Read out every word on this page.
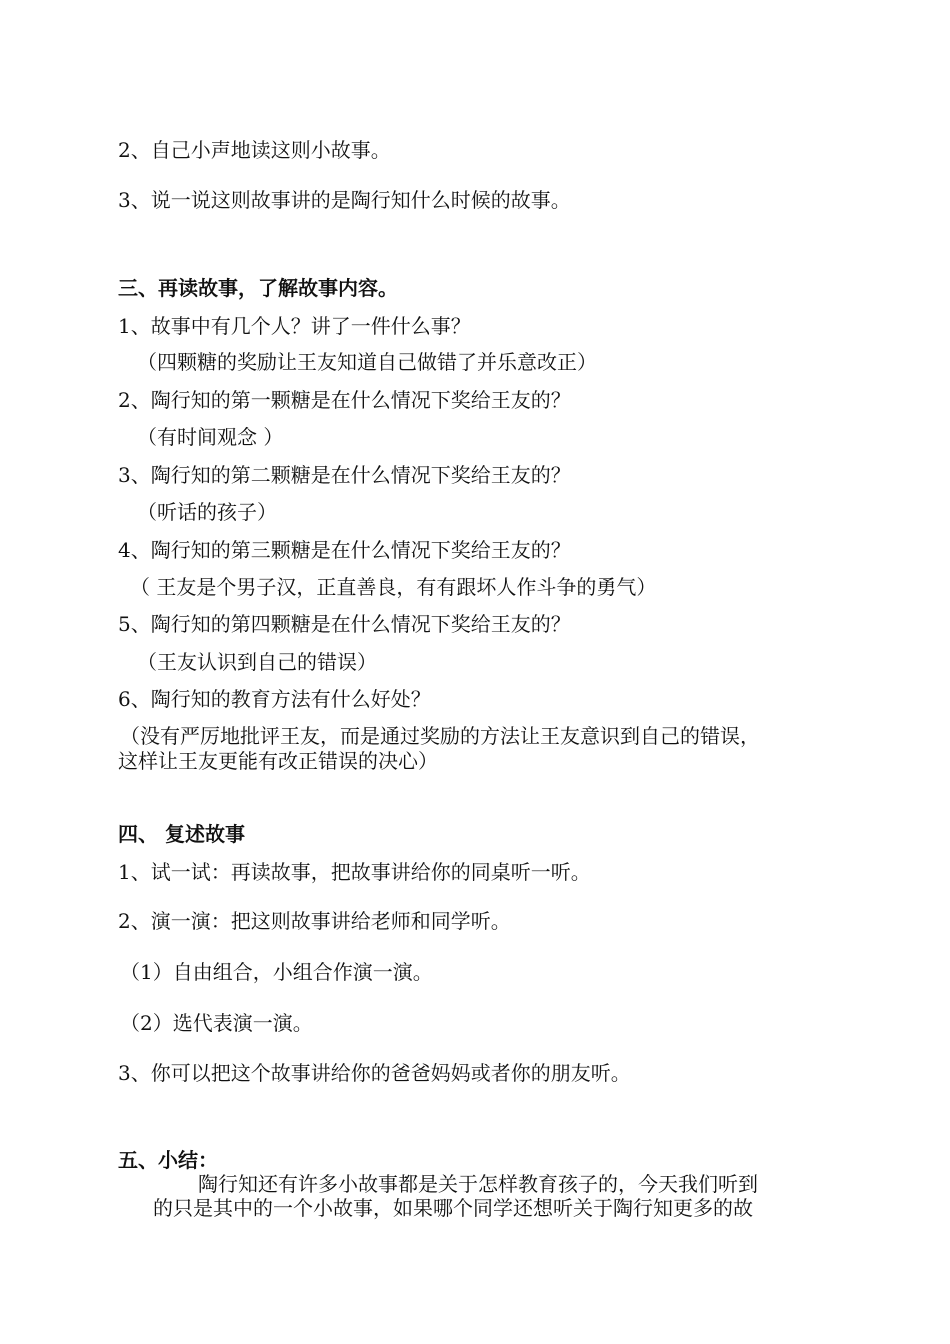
2、自己小声地读这则小故事。
3、说一说这则故事讲的是陶行知什么时候的故事。
三、再读故事，了解故事内容。
1、故事中有几个人？讲了一件什么事？
（四颗糖的奖励让王友知道自己做错了并乐意改正）
2、陶行知的第一颗糖是在什么情况下奖给王友的？
（有时间观念 ）
3、陶行知的第二颗糖是在什么情况下奖给王友的？
（听话的孩子）
4、陶行知的第三颗糖是在什么情况下奖给王友的？
（ 王友是个男子汉，正直善良，有有跟坏人作斗争的勇气）
5、陶行知的第四颗糖是在什么情况下奖给王友的？
（王友认识到自己的错误）
6、陶行知的教育方法有什么好处？
（没有严厉地批评王友，而是通过奖励的方法让王友意识到自己的错误，
这样让王友更能有改正错误的决心）
四、 复述故事
1、试一试：再读故事，把故事讲给你的同桌听一听。
2、演一演：把这则故事讲给老师和同学听。
（1）自由组合，小组合作演一演。
（2）选代表演一演。
3、你可以把这个故事讲给你的爸爸妈妈或者你的朋友听。
五、小结：
陶行知还有许多小故事都是关于怎样教育孩子的，今天我们听到
的只是其中的一个小故事，如果哪个同学还想听关于陶行知更多的故
